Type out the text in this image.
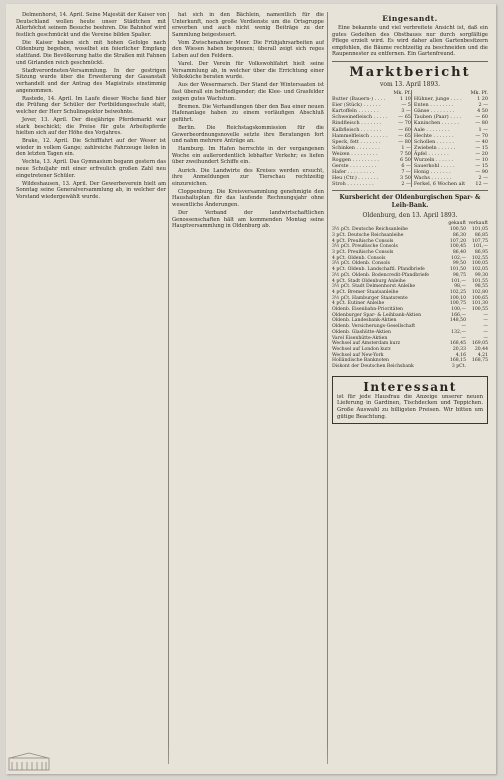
Delmenhorst, 14. April. Seine Majestät der Kaiser von Deutschland wollen heute unser Städtchen mit Allerhöchst seinem Besuche beehren. Die Bahnhof wird festlich geschmückt und die Vereine bilden Spalier.

Die Kaiser haben sich mit hohen Gefolge nach Oldenburg begeben, woselbst ein feierlicher Empfang stattfand. Die Bevölkerung hatte die Straßen mit Fahnen und Girlanden reich geschmückt.

Stadtverordneten-Versammlung. In der gestrigen Sitzung wurde über die Erweiterung der Gasanstalt verhandelt und der Antrag des Magistrats einstimmig angenommen.

Rastede, 14. April. Im Laufe dieser Woche fand hier die Prüfung der Schüler der Fortbildungsschule statt, welcher der Herr Schulinspektor beiwohnte.

Jever, 13. April. Der diesjährige Pferdemarkt war stark beschickt; die Preise für gute Arbeitspferde hielten sich auf der Höhe des Vorjahres.

Brake, 12. April. Die Schifffahrt auf der Weser ist wieder in vollem Gange; zahlreiche Fahrzeuge liefen in den letzten Tagen ein.

Vechta, 13. April. Das Gymnasium begann gestern das neue Schuljahr mit einer erfreulich großen Zahl neu eingetretener Schüler.

Wildeshausen, 13. April. Der Gewerbeverein hielt am Sonntag seine Generalversammlung ab, in welcher der Vorstand wiedergewählt wurde.

hat sich in den Bächlein, namentlich für die Unterkunft, noch große Verdienste um die Ortsgruppe erworben und auch nicht wenig Beiträge zu der Sammlung beigesteuert.

Vom Zwischenahner Meer. Die Frühjahrsarbeiten auf den Wiesen haben begonnen; überall zeigt sich reges Leben auf den Feldern.

Varel. Der Verein für Volkswohlfahrt hielt seine Versammlung ab, in welcher über die Errichtung einer Volksküche beraten wurde.

Aus der Wesermarsch. Der Stand der Wintersaaten ist fast überall ein befriedigender; die Klee- und Grasfelder zeigen gutes Wachstum.

Bremen. Die Verhandlungen über den Bau einer neuen Hafenanlage haben zu einem vorläufigen Abschluß geführt.

Berlin. Die Reichstagskommission für die Gewerbeordnungsnovelle setzte ihre Beratungen fort und nahm mehrere Anträge an.

Hamburg. Im Hafen herrschte in der vergangenen Woche ein außerordentlich lebhafter Verkehr; es liefen über zweihundert Schiffe ein.

Aurich. Die Landwirte des Kreises werden ersucht, ihre Anmeldungen zur Tierschau rechtzeitig einzureichen.

Cloppenburg. Die Kreisversammlung genehmigte den Haushaltsplan für das laufende Rechnungsjahr ohne wesentliche Änderungen.

Der Verband der landwirtschaftlichen Genossenschaften hält am kommenden Montag seine Hauptversammlung in Oldenburg ab.

Eingesandt.

Eine bekannte und viel verbreitete Ansicht ist, daß ein gutes Gedeihen des Obstbaues nur durch sorgfältige Pflege erzielt wird. Es wird daher allen Gartenbesitzern empfohlen, die Bäume rechtzeitig zu beschneiden und die Raupennester zu entfernen. Ein Gartenfreund.

Marktbericht
vom 13. April 1893.
	Mk. Pf.			Mk. Pf.
Butter (Bauern-) . . . .	1 10		Hühner, junge . . . .	1 20
Eier (Stück) . . . . . .	— 5		Enten . . . . . . . .	2 —
Kartoffeln . . . . . . .	3 —		Gänse . . . . . . . .	4 50
Schweinefleisch . . . . .	— 65		Tauben (Paar) . . . .	— 60
Rindfleisch . . . . . . .	— 70		Kaninchen . . . . . .	— 80
Kalbfleisch . . . . . . .	— 60		Aale . . . . . . . .	1 —
Hammelfleisch . . . . . .	— 65		Hechte . . . . . . .	— 70
Speck, fett . . . . . . .	— 80		Schollen . . . . . .	— 40
Schinken . . . . . . . .	1 —		Zwiebeln . . . . . .	— 15
Weizen . . . . . . . . .	7 50		Äpfel . . . . . . .	— 20
Roggen . . . . . . . . .	6 50		Wurzeln . . . . . .	— 10
Gerste . . . . . . . . .	6 —		Sauerkohl . . . . .	— 15
Hafer . . . . . . . . .	7 —		Honig . . . . . . .	— 90
Heu (Ctr.) . . . . . . .	3 50		Wachs . . . . . . .	2 —
Stroh . . . . . . . . .	2 —		Ferkel, 6 Wochen alt	12 —
Kursbericht der Oldenburgischen Spar- & Leih-Bank.
Oldenburg, den 13. April 1893.
	gekauft	verkauft
3½ pCt. Deutsche Reichsanleihe	100,50	101,05
3 pCt. Deutsche Reichsanleihe	86,30	86,85
4 pCt. Preußische Consols	107,20	107,75
3½ pCt. Preußische Consols	100,45	101,—
3 pCt. Preußische Consols	86,40	86,95
4 pCt. Oldenb. Consols	102,—	102,55
3½ pCt. Oldenb. Consols	99,50	100,05
4 pCt. Oldenb. Landschaftl. Pfandbriefe	101,50	102,05
3½ pCt. Oldenb. Bodencredit-Pfandbriefe	98,75	99,30
4 pCt. Stadt Oldenburg Anleihe	101,—	101,55
3½ pCt. Stadt Delmenhorst Anleihe	98,—	98,55
4 pCt. Bremer Staatsanleihe	102,25	102,80
3½ pCt. Hamburger Staatsrente	100,10	100,65
4 pCt. Eutiner Anleihe	100,75	101,30
Oldenb. Eisenbahn-Prioritäten	100,—	100,55
Oldenburger Spar- & Leihbank-Aktien	166,—	—
Oldenb. Landesbank-Aktien	148,50	—
Oldenb. Versicherungs-Gesellschaft	—	—
Oldenb. Glashütte-Aktien	132,—	—
Varel Eisenhütte-Aktien	—	—
Wechsel auf Amsterdam kurz	168,45	169,05
Wechsel auf London kurz	20,33	20,44
Wechsel auf New-York	4,16	4,21
Holländische Banknoten	168,15	168,75
Diskont der Deutschen Reichsbank	3 pCt.	
Interessant
ist für jede Hausfrau die Anzeige unserer neuen Lieferung in Gardinen, Tischdecken und Teppichen. Große Auswahl zu billigsten Preisen. Wir bitten um gütige Beachtung.
